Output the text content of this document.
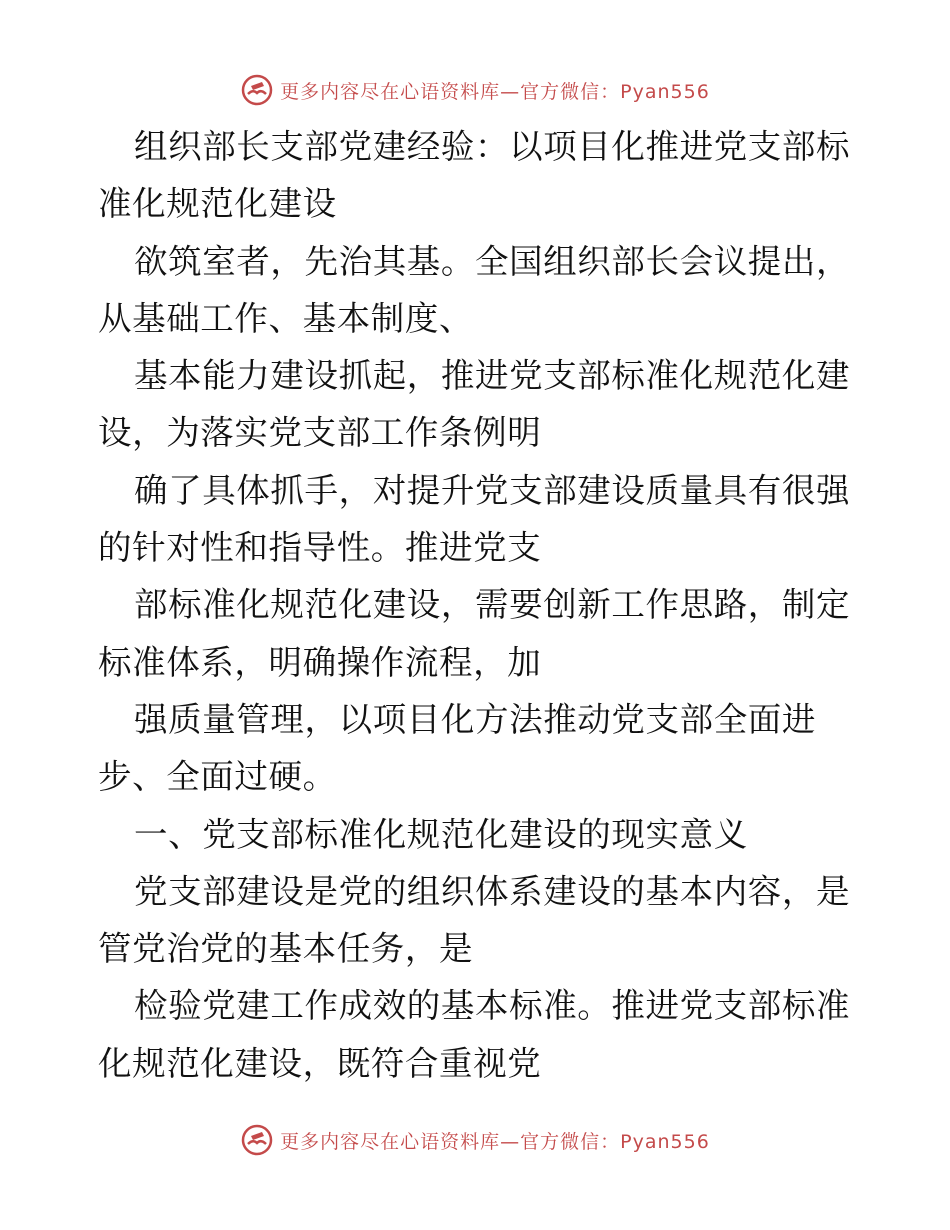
更多内容尽在心语资料库—官方微信：Pyan556

组织部长支部党建经验：以项目化推进党支部标准化规范化建设

欲筑室者，先治其基。全国组织部长会议提出，从基础工作、基本制度、

基本能力建设抓起，推进党支部标准化规范化建设，为落实党支部工作条例明

确了具体抓手，对提升党支部建设质量具有很强的针对性和指导性。推进党支

部标准化规范化建设，需要创新工作思路，制定标准体系，明确操作流程，加

强质量管理，以项目化方法推动党支部全面进步、全面过硬。

一、党支部标准化规范化建设的现实意义

党支部建设是党的组织体系建设的基本内容，是管党治党的基本任务，是

检验党建工作成效的基本标准。推进党支部标准化规范化建设，既符合重视党

更多内容尽在心语资料库—官方微信：Pyan556
